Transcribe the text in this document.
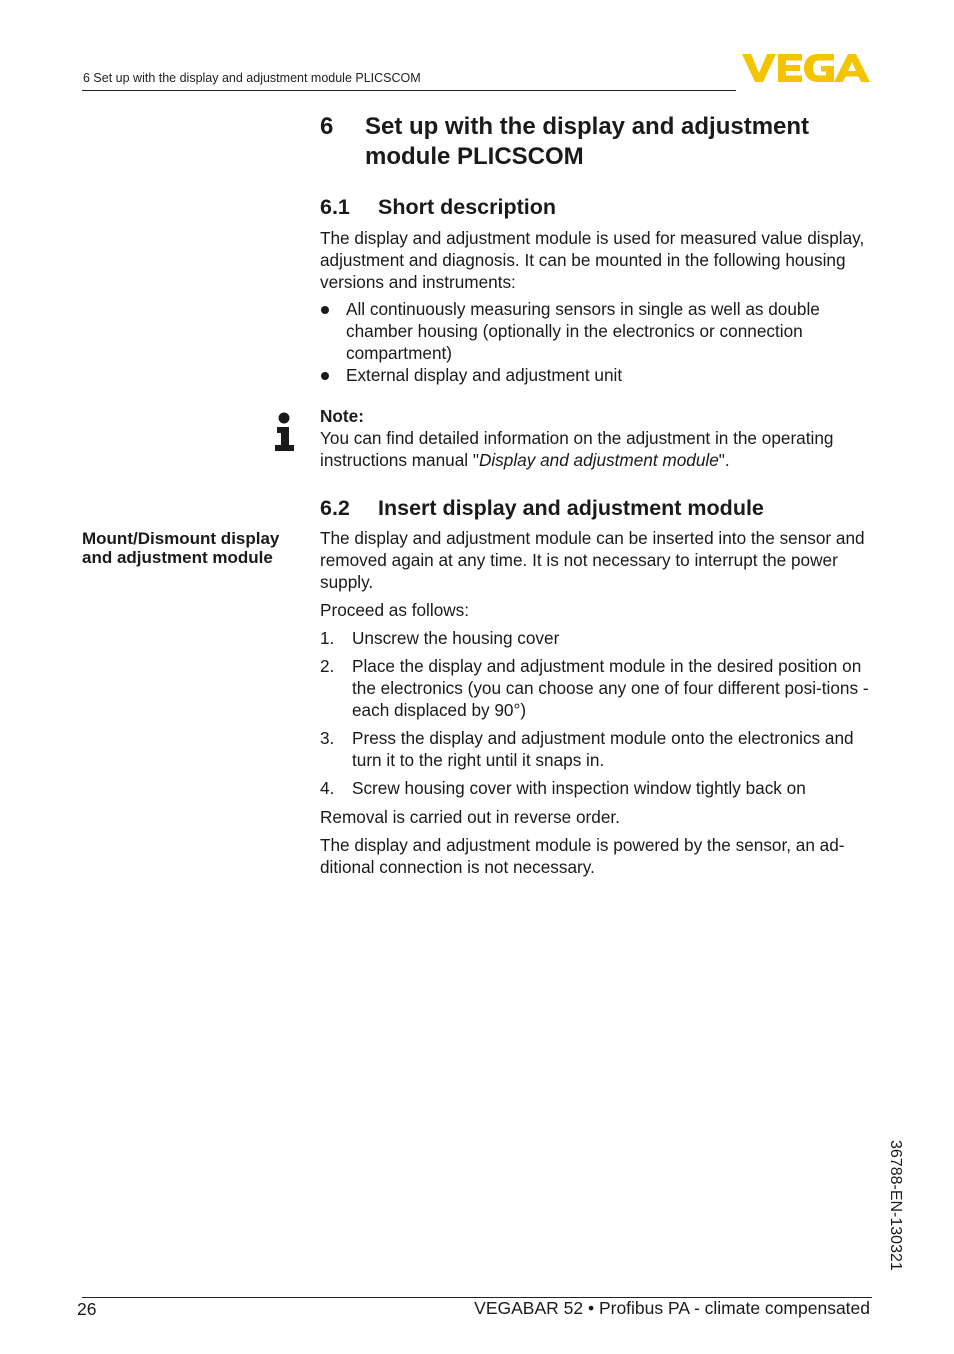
6 Set up with the display and adjustment module PLICSCOM
6 Set up with the display and adjustment module PLICSCOM
6.1 Short description
The display and adjustment module is used for measured value display, adjustment and diagnosis. It can be mounted in the following housing versions and instruments:
All continuously measuring sensors in single as well as double chamber housing (optionally in the electronics or connection compartment)
External display and adjustment unit
Note:
You can find detailed information on the adjustment in the operating instructions manual "Display and adjustment module".
6.2 Insert display and adjustment module
Mount/Dismount display and adjustment module
The display and adjustment module can be inserted into the sensor and removed again at any time. It is not necessary to interrupt the power supply.
Proceed as follows:
1. Unscrew the housing cover
2. Place the display and adjustment module in the desired position on the electronics (you can choose any one of four different posi-tions - each displaced by 90°)
3. Press the display and adjustment module onto the electronics and turn it to the right until it snaps in.
4. Screw housing cover with inspection window tightly back on
Removal is carried out in reverse order.
The display and adjustment module is powered by the sensor, an ad-ditional connection is not necessary.
36788-EN-130321
26	VEGABAR 52 • Profibus PA - climate compensated
